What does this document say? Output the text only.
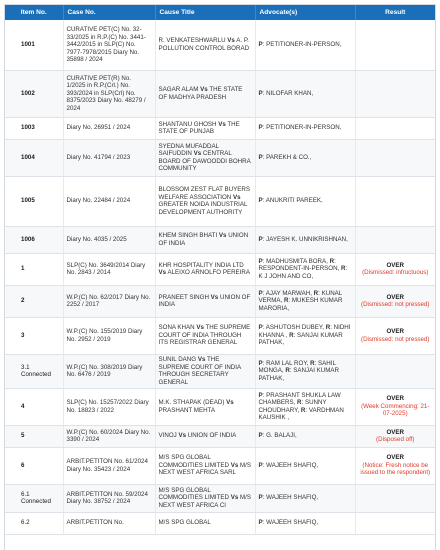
Item No.	Case No.	Cause Title	Advocate(s)	Result
1001	CURATIVE PET(C) No. 32-33/2025 in R.P.(C) No. 3441-3442/2015 in SLP(C) No. 7977-7978/2015 Diary No. 35898 / 2024	R. VENKATESHWARLU Vs A. P. POLLUTION CONTROL BORAD	P: PETITIONER-IN-PERSON,	
1002	CURATIVE PET(R) No. 1/2025 in R.P.(Crl.) No. 393/2024 in SLP(Crl) No. 8375/2023 Diary No. 48279 / 2024	SAGAR ALAM Vs THE STATE OF MADHYA PRADESH	P: NILOFAR KHAN,	
1003	Diary No. 26951 / 2024	SHANTANU GHOSH Vs THE STATE OF PUNJAB	P: PETITIONER-IN-PERSON,	
1004	Diary No. 41794 / 2023	SYEDNA MUFADDAL SAIFUDDIN Vs CENTRAL BOARD OF DAWOODDI BOHRA COMMUNITY	P: PAREKH & CO.,	
1005	Diary No. 22484 / 2024	BLOSSOM ZEST FLAT BUYERS WELFARE ASSOCIATION Vs GREATER NOIDA INDUSTRIAL DEVELOPMENT AUTHORITY	P: ANUKRITI PAREEK,	
1006	Diary No. 4035 / 2025	KHEM SINGH BHATI Vs UNION OF INDIA	P: JAYESH K. UNNIKRISHNAN,	
1	SLP(C) No. 3649/2014 Diary No. 2843 / 2014	KHR HOSPITALITY INDIA LTD Vs ALEIXO ARNOLFO PEREIRA	P: MADHUSMITA BORA, R: RESPONDENT-IN-PERSON, R: K J JOHN AND CO,	OVER
(Dismissed: infructuous)

2	W.P.(C) No. 62/2017 Diary No. 2252 / 2017	PRANEET SINGH Vs UNION OF INDIA	P: AJAY MARWAH, R: KUNAL VERMA, R: MUKESH KUMAR MARORIA,	OVER
(Dismissed: not pressed)

3	W.P.(C) No. 155/2019 Diary No. 2952 / 2019	SONA KHAN Vs THE SUPREME COURT OF INDIA THROUGH ITS REGISTRAR GENERAL	P: ASHUTOSH DUBEY, R: NIDHI KHANNA , R: SANJAI KUMAR PATHAK,	OVER
(Dismissed: not pressed)

3.1 Connected	W.P.(C) No. 308/2019 Diary No. 6476 / 2019	SUNIL DANG Vs THE SUPREME COURT OF INDIA THROUGH SECRETARY GENERAL	P: RAM LAL ROY, R: SAHIL MONGA, R: SANJAI KUMAR PATHAK,	
4	SLP(C) No. 15257/2022 Diary No. 18823 / 2022	M.K. STHAPAK (DEAD) Vs PRASHANT MEHTA	P: PRASHANT SHUKLA LAW CHAMBERS, R: SUNNY CHOUDHARY, R: VARDHMAN KAUSHIK ,	OVER
(Week Commencing: 21-07-2025)

5	W.P.(C) No. 60/2024 Diary No. 3390 / 2024	VINOJ Vs UNION OF INDIA	P: G. BALAJI,	OVER
(Disposed off)

6	ARBIT.PETITON No. 61/2024 Diary No. 35423 / 2024	M/S SPG GLOBAL COMMODITIES LIMITED Vs M/S NEXT WEST AFRICA SARL	P: WAJEEH SHAFIQ,	OVER
(Notice: Fresh notice be issued to the respondent)

6.1 Connected	ARBIT.PETITON No. 59/2024 Diary No. 38752 / 2024	M/S SPG GLOBAL COMMODITIES LIMITED Vs M/S NEXT WEST AFRICA CI	P: WAJEEH SHAFIQ,	
6.2	ARBIT.PETITON No.	M/S SPG GLOBAL	P: WAJEEH SHAFIQ,	
